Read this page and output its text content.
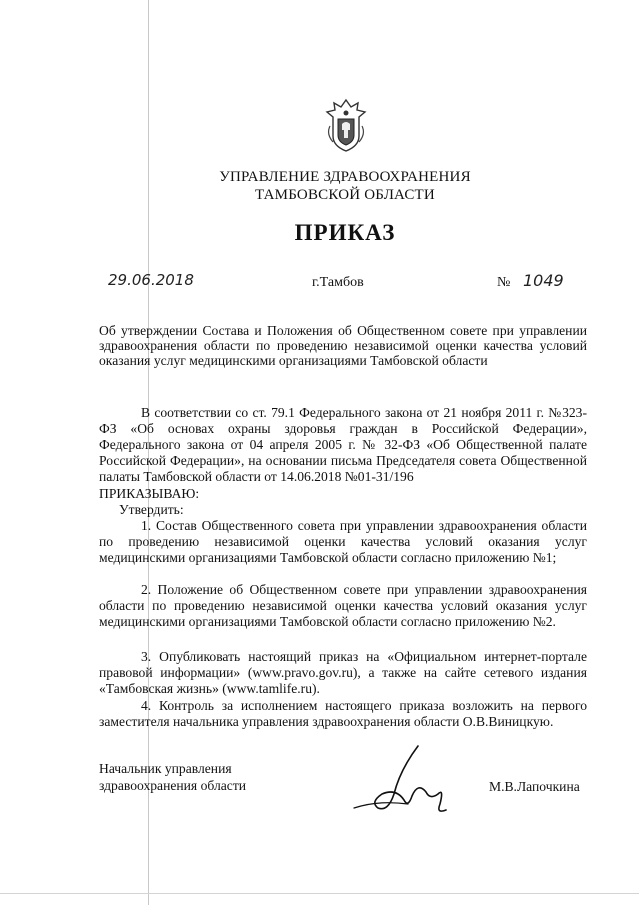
УПРАВЛЕНИЕ ЗДРАВООХРАНЕНИЯ
ТАМБОВСКОЙ ОБЛАСТИ
ПРИКАЗ
29.06.2018	г.Тамбов	№ 1049
Об утверждении Состава и Положения об Общественном совете при управлении здравоохранения области по проведению независимой оценки качества условий оказания услуг медицинскими организациями Тамбовской области

В соответствии со ст. 79.1 Федерального закона от 21 ноября 2011 г. №323-ФЗ «Об основах охраны здоровья граждан в Российской Федерации», Федерального закона от 04 апреля 2005 г. № 32-ФЗ «Об Общественной палате Российской Федерации», на основании письма Председателя совета Общественной палаты Тамбовской области от 14.06.2018 №01-31/196

ПРИКАЗЫВАЮ:

Утвердить:

1. Состав Общественного совета при управлении здравоохранения области по проведению независимой оценки качества условий оказания услуг медицинскими организациями Тамбовской области согласно приложению №1;

2. Положение об Общественном совете при управлении здравоохранения области по проведению независимой оценки качества условий оказания услуг медицинскими организациями Тамбовской области согласно приложению №2.

3. Опубликовать настоящий приказ на «Официальном интернет-портале правовой информации» (www.pravo.gov.ru), а также на сайте сетевого издания «Тамбовская жизнь» (www.tamlife.ru).

4. Контроль за исполнением настоящего приказа возложить на первого заместителя начальника управления здравоохранения области О.В.Виницкую.

Начальник управления
здравоохранения области	М.В.Лапочкина
